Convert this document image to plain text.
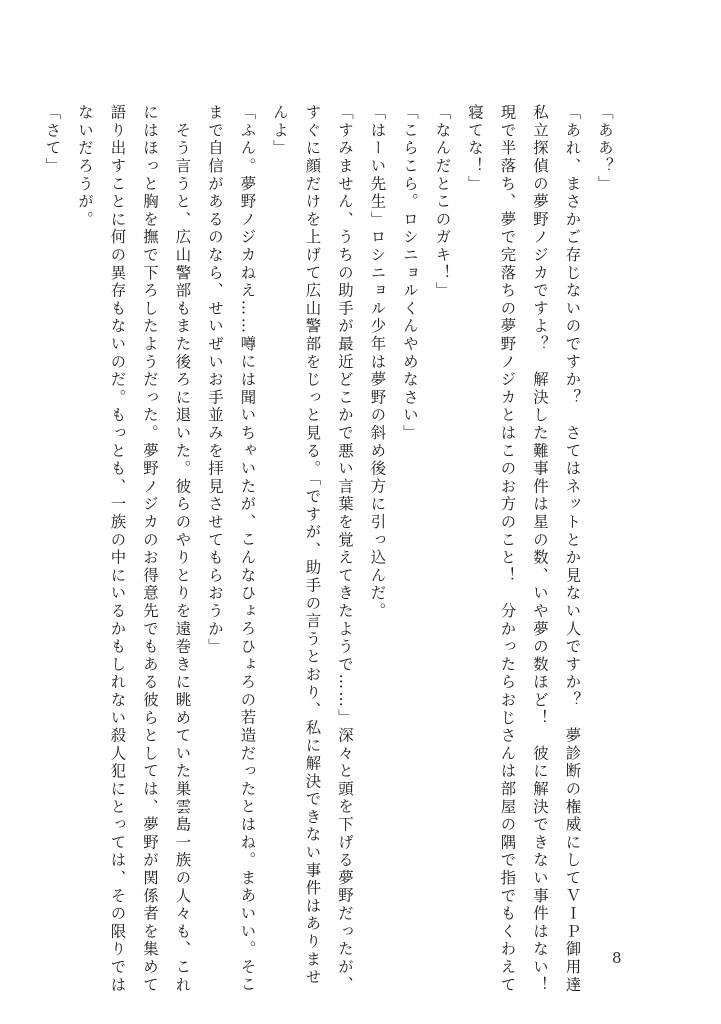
「ああ？」
「あれ、まさかご存じないのですか？　さてはネットとか見ない人ですか？　夢診断の権威にしてＶＩＰ御用達
私立探偵の夢野ノジカですよ？　解決した難事件は星の数、いや夢の数ほど！　彼に解決できない事件はない！
現で半落ち、夢で完落ちの夢野ノジカとはこのお方のこと！　分かったらおじさんは部屋の隅で指でもくわえて
寝てな！」
「なんだとこのガキ！」
「こらこら。ロシニョルくんやめなさい」
「はーい先生」ロシニョル少年は夢野の斜め後方に引っ込んだ。
「すみません、うちの助手が最近どこかで悪い言葉を覚えてきたようで……」深々と頭を下げる夢野だったが、
すぐに顔だけを上げて広山警部をじっと見る。「ですが、助手の言うとおり、私に解決できない事件はありませ
んよ」
「ふん。夢野ノジカねえ……噂には聞いちゃいたが、こんなひょろひょろの若造だったとはね。まあいい。そこ
まで自信があるのなら、せいぜいお手並みを拝見させてもらおうか」
　そう言うと、広山警部もまた後ろに退いた。彼らのやりとりを遠巻きに眺めていた巣雲島一族の人々も、これ
にはほっと胸を撫で下ろしたようだった。夢野ノジカのお得意先でもある彼らとしては、夢野が関係者を集めて
語り出すことに何の異存もないのだ。もっとも、一族の中にいるかもしれない殺人犯にとっては、その限りでは
ないだろうが。
「さて」
8
